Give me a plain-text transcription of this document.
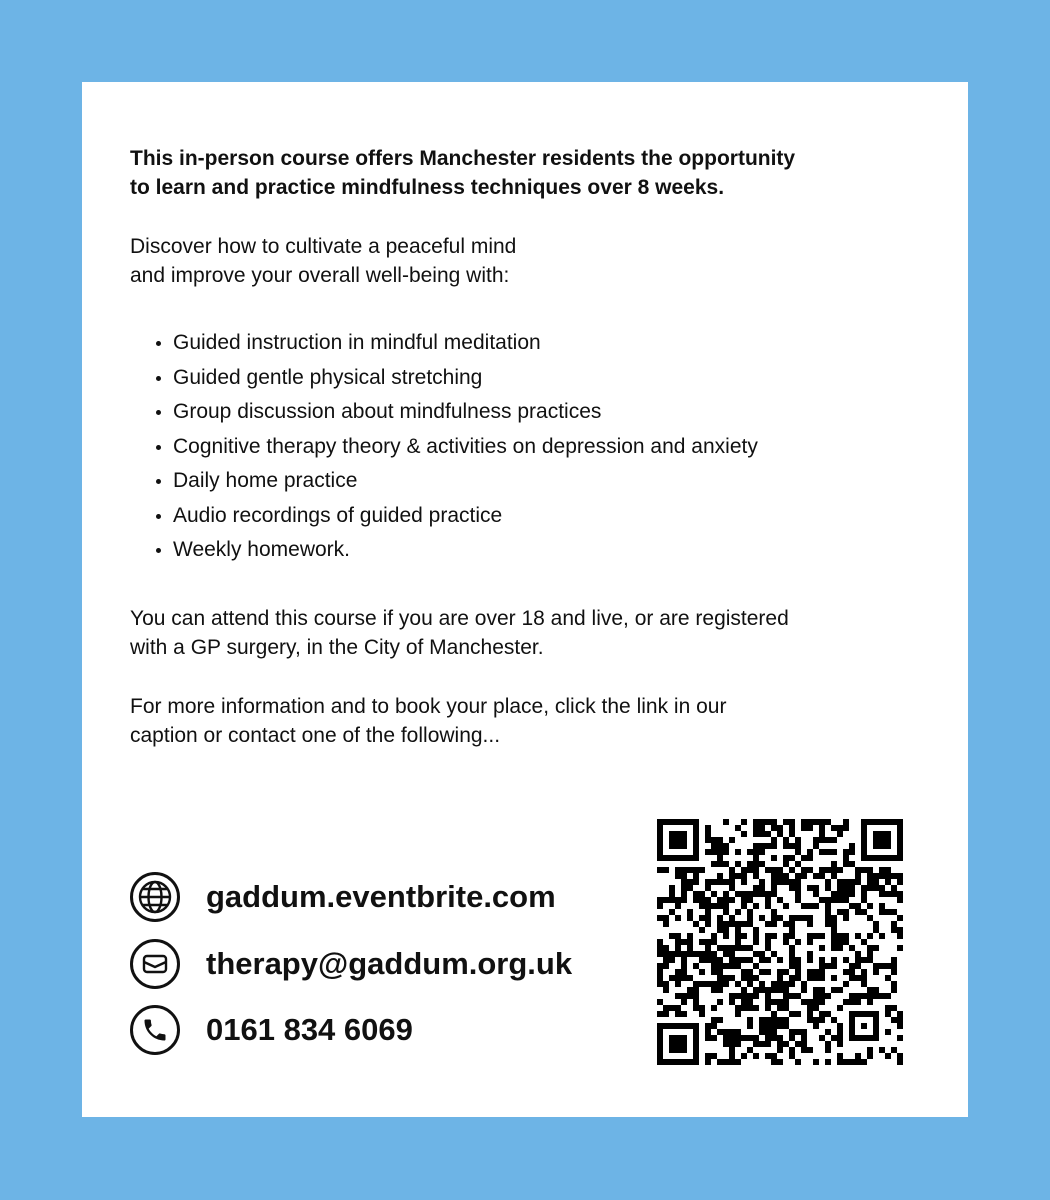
This in-person course offers Manchester residents the opportunity
to learn and practice mindfulness techniques over 8 weeks.

Discover how to cultivate a peaceful mind
and improve your overall well-being with:

Guided instruction in mindful meditation
Guided gentle physical stretching
Group discussion about mindfulness practices
Cognitive therapy theory & activities on depression and anxiety
Daily home practice
Audio recordings of guided practice
Weekly homework.

You can attend this course if you are over 18 and live, or are registered
with a GP surgery, in the City of Manchester.

For more information and to book your place, click the link in our
caption or contact one of the following...

gaddum.eventbrite.com
therapy@gaddum.org.uk
0161 834 6069
